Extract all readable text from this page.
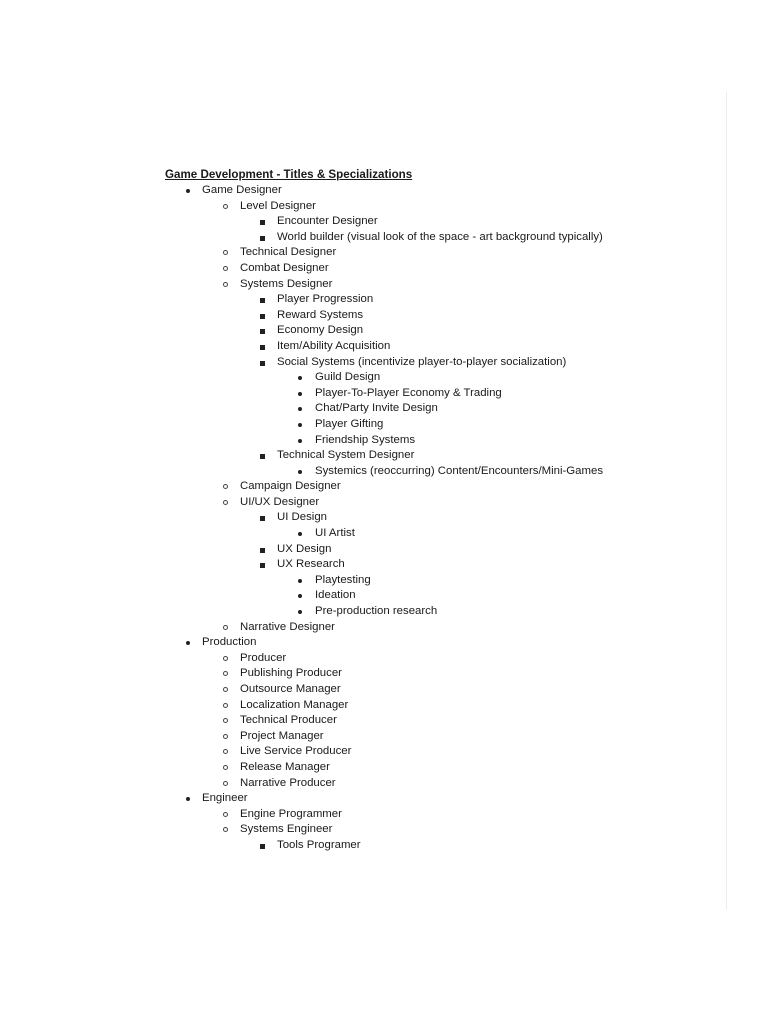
Game Development - Titles & Specializations
Game Designer
Level Designer
Encounter Designer
World builder (visual look of the space - art background typically)
Technical Designer
Combat Designer
Systems Designer
Player Progression
Reward Systems
Economy Design
Item/Ability Acquisition
Social Systems (incentivize player-to-player socialization)
Guild Design
Player-To-Player Economy & Trading
Chat/Party Invite Design
Player Gifting
Friendship Systems
Technical System Designer
Systemics (reoccurring) Content/Encounters/Mini-Games
Campaign Designer
UI/UX Designer
UI Design
UI Artist
UX Design
UX Research
Playtesting
Ideation
Pre-production research
Narrative Designer
Production
Producer
Publishing Producer
Outsource Manager
Localization Manager
Technical Producer
Project Manager
Live Service Producer
Release Manager
Narrative Producer
Engineer
Engine Programmer
Systems Engineer
Tools Programer
